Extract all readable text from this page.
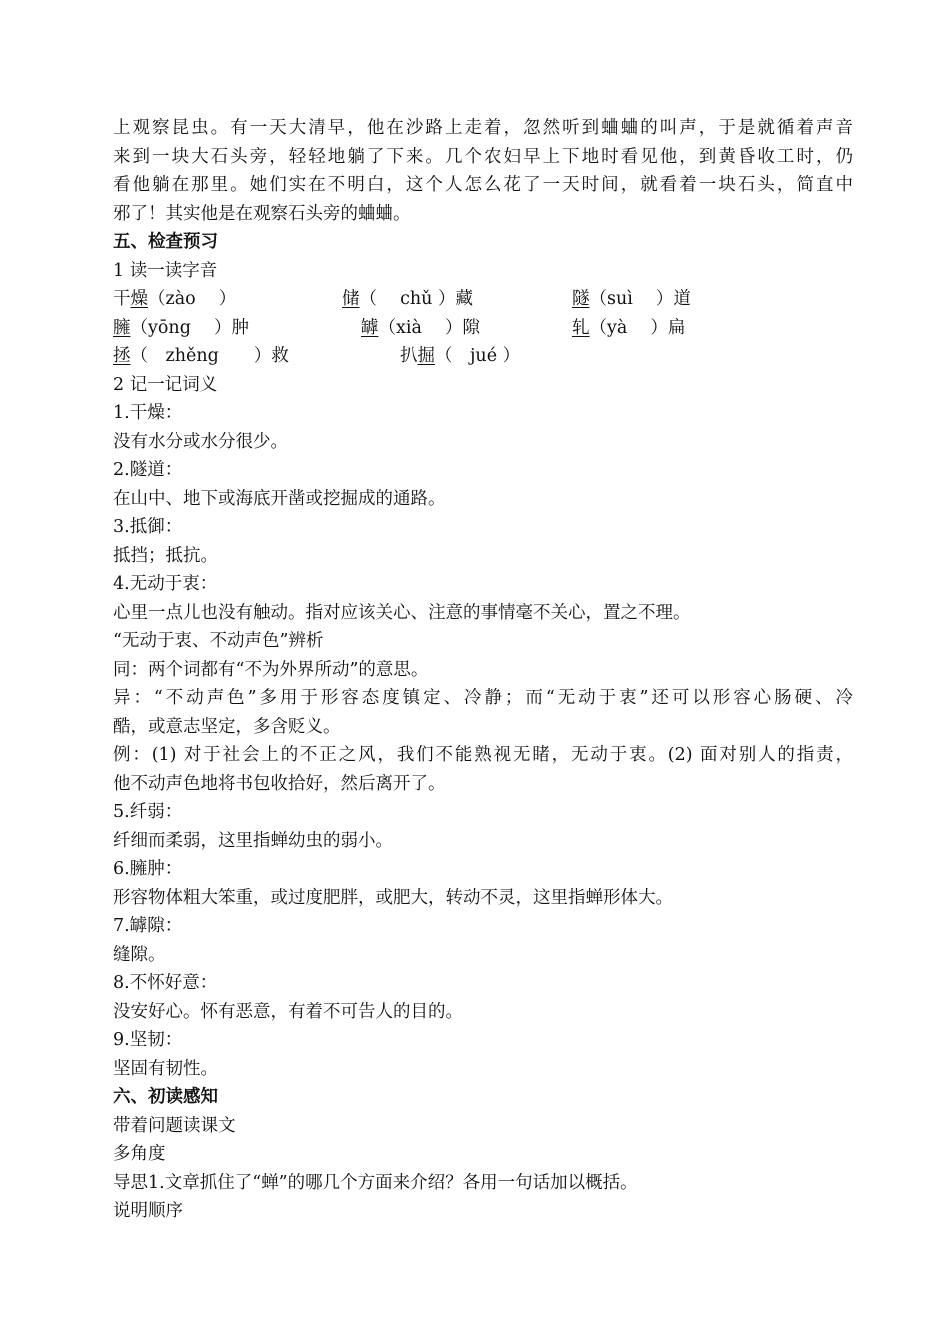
上观察昆虫。有一天大清早，他在沙路上走着，忽然听到蛐蛐的叫声，于是就循着声音
来到一块大石头旁，轻轻地躺了下来。几个农妇早上下地时看见他，到黄昏收工时，仍
看他躺在那里。她们实在不明白，这个人怎么花了一天时间，就看着一块石头，简直中
邪了！其实他是在观察石头旁的蛐蛐。
五、检查预习
1 读一读字音
干燥（zào　 ）	储（　 chǔ ）藏	隧（suì　 ）道
臃（yōng　 ）肿	罅（xià　 ）隙	轧（yà　 ）扁
拯（　zhěng　　）救	扒掘（　jué ）
2 记一记词义
1.干燥：
没有水分或水分很少。
2.隧道：
在山中、地下或海底开凿或挖掘成的通路。
3.抵御：
抵挡；抵抗。
4.无动于衷：
心里一点儿也没有触动。指对应该关心、注意的事情毫不关心，置之不理。
“无动于衷、不动声色”辨析
同：两个词都有“不为外界所动”的意思。
异：“不动声色”多用于形容态度镇定、冷静；而“无动于衷”还可以形容心肠硬、冷
酷，或意志坚定，多含贬义。
例：(1) 对于社会上的不正之风，我们不能熟视无睹，无动于衷。(2) 面对别人的指责，
他不动声色地将书包收拾好，然后离开了。
5.纤弱：
纤细而柔弱，这里指蝉幼虫的弱小。
6.臃肿：
形容物体粗大笨重，或过度肥胖，或肥大，转动不灵，这里指蝉形体大。
7.罅隙：
缝隙。
8.不怀好意：
没安好心。怀有恶意，有着不可告人的目的。
9.坚韧：
坚固有韧性。
六、初读感知
带着问题读课文
多角度
导思1.文章抓住了“蝉”的哪几个方面来介绍？各用一句话加以概括。
说明顺序
